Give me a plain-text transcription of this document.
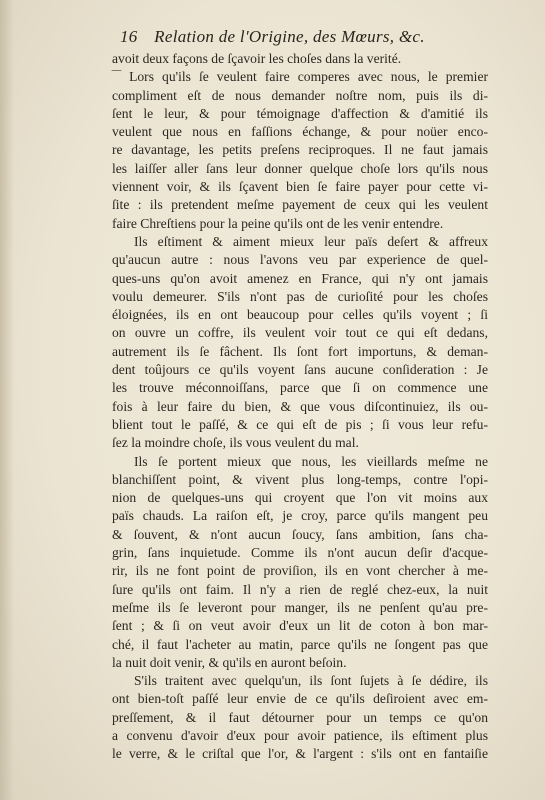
16 Relation de l'Origine, des Mœurs, &c.
avoit deux façons de ſçavoir les choſes dans la verité.
‾‾ Lors qu'ils ſe veulent faire comperes avec nous, le premier
compliment eſt de nous demander noſtre nom, puis ils di-
ſent le leur, & pour témoignage d'affection & d'amitié ils
veulent que nous en faſſions échange, & pour noüer enco-
re davantage, les petits preſens reciproques. Il ne faut jamais
les laiſſer aller ſans leur donner quelque choſe lors qu'ils nous
viennent voir, & ils ſçavent bien ſe faire payer pour cette vi-
ſite : ils pretendent meſme payement de ceux qui les veulent
faire Chreſtiens pour la peine qu'ils ont de les venir entendre.
Ils eſtiment & aiment mieux leur païs deſert & affreux
qu'aucun autre : nous l'avons veu par experience de quel-
ques-uns qu'on avoit amenez en France, qui n'y ont jamais
voulu demeurer. S'ils n'ont pas de curioſité pour les choſes
éloignées, ils en ont beaucoup pour celles qu'ils voyent ; ſi
on ouvre un coffre, ils veulent voir tout ce qui eſt dedans,
autrement ils ſe fâchent. Ils ſont fort importuns, & deman-
dent toûjours ce qu'ils voyent ſans aucune conſideration : Je
les trouve méconnoiſſans, parce que ſi on commence une
fois à leur faire du bien, & que vous diſcontinuiez, ils ou-
blient tout le paſſé, & ce qui eſt de pis ; ſi vous leur refu-
ſez la moindre choſe, ils vous veulent du mal.
Ils ſe portent mieux que nous, les vieillards meſme ne
blanchiſſent point, & vivent plus long-temps, contre l'opi-
nion de quelques-uns qui croyent que l'on vit moins aux
païs chauds. La raiſon eſt, je croy, parce qu'ils mangent peu
& ſouvent, & n'ont aucun ſoucy, ſans ambition, ſans cha-
grin, ſans inquietude. Comme ils n'ont aucun deſir d'acque-
rir, ils ne font point de proviſion, ils en vont chercher à me-
ſure qu'ils ont faim. Il n'y a rien de reglé chez-eux, la nuit
meſme ils ſe leveront pour manger, ils ne penſent qu'au pre-
ſent ; & ſi on veut avoir d'eux un lit de coton à bon mar-
ché, il faut l'acheter au matin, parce qu'ils ne ſongent pas que
la nuit doit venir, & qu'ils en auront beſoin.
S'ils traitent avec quelqu'un, ils ſont ſujets à ſe dédire, ils
ont bien-toſt paſſé leur envie de ce qu'ils deſiroient avec em-
preſſement, & il faut détourner pour un temps ce qu'on
a convenu d'avoir d'eux pour avoir patience, ils eſtiment plus
le verre, & le criſtal que l'or, & l'argent : s'ils ont en fantaiſie
